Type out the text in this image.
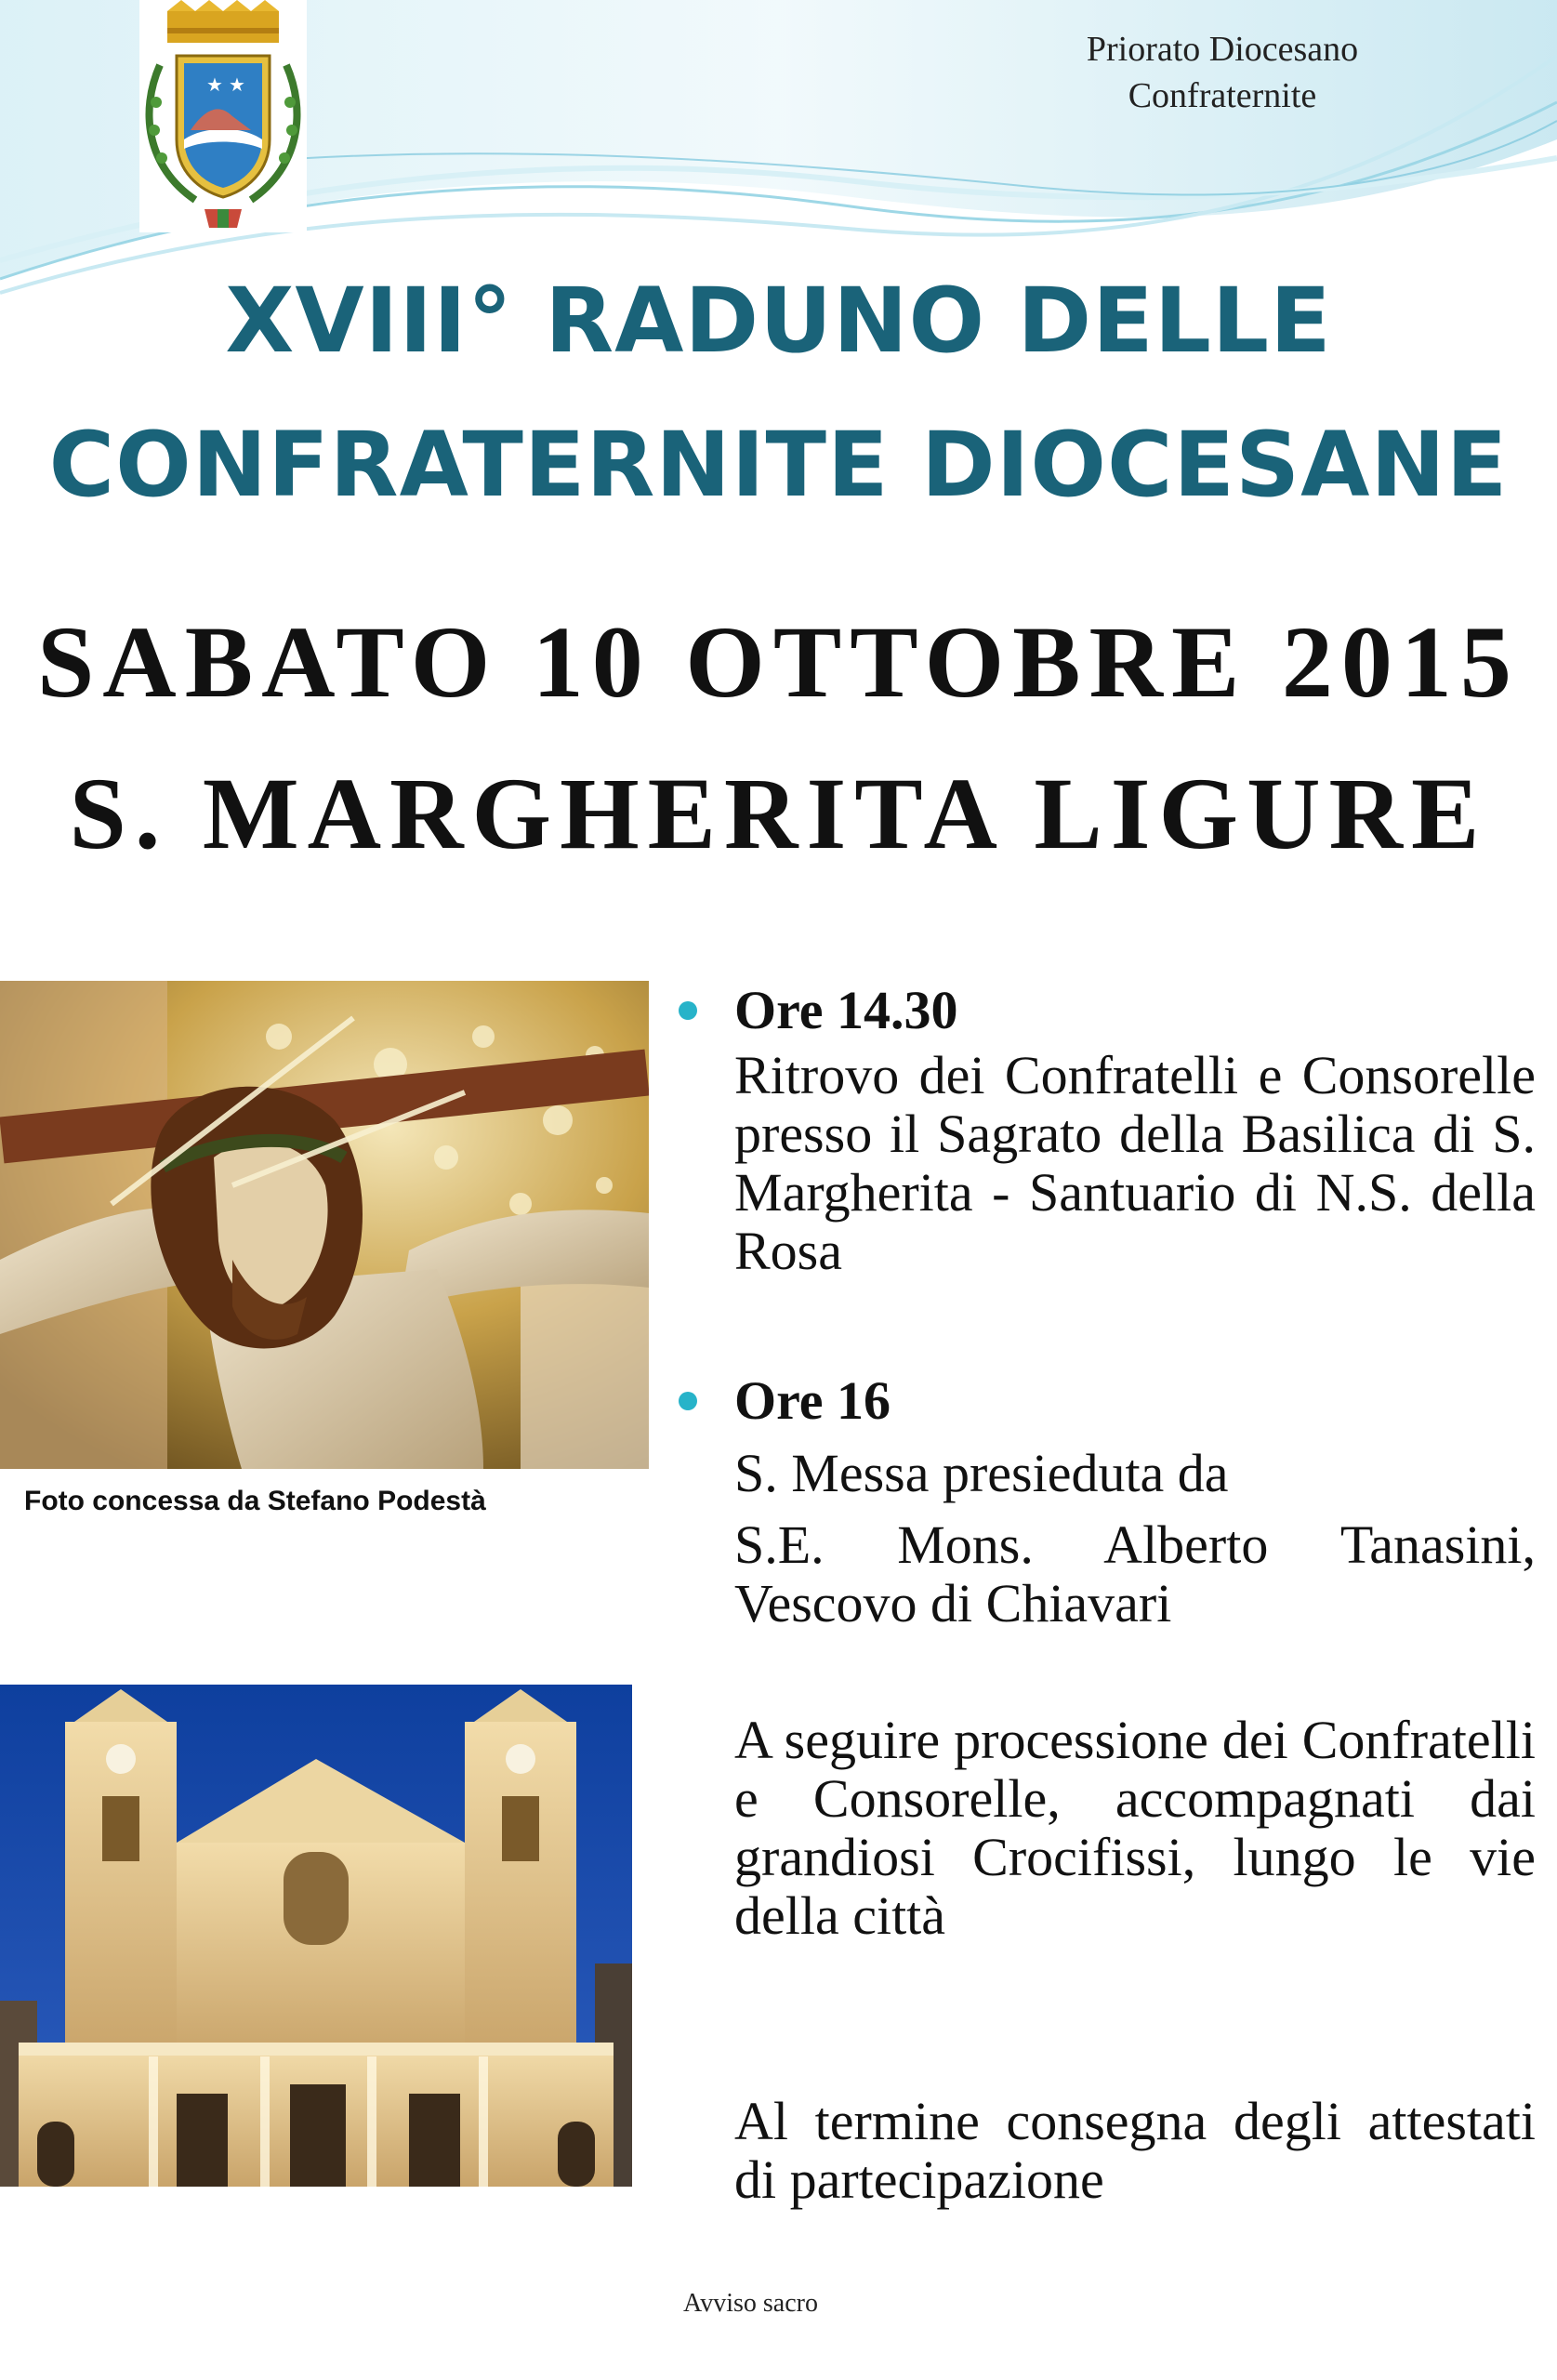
★ ★
Priorato Diocesano
Confraternite
XVIII° RADUNO DELLE
CONFRATERNITE DIOCESANE
SABATO 10 OTTOBRE 2015
S. MARGHERITA LIGURE
Foto concessa da Stefano Podestà
Ore 14.30

Ritrovo dei Confratelli e Consorelle presso il Sagrato della Basilica di S. Margherita - Santuario di N.S. della Rosa

Ore 16

S. Messa presieduta da

S.E. Mons. Alberto Tanasini, Vescovo di Chiavari

A seguire processione dei Confratelli e Consorelle, accompagnati dai grandiosi Crocifissi, lungo le vie della città

Al termine consegna degli attestati di partecipazione

Avviso sacro
